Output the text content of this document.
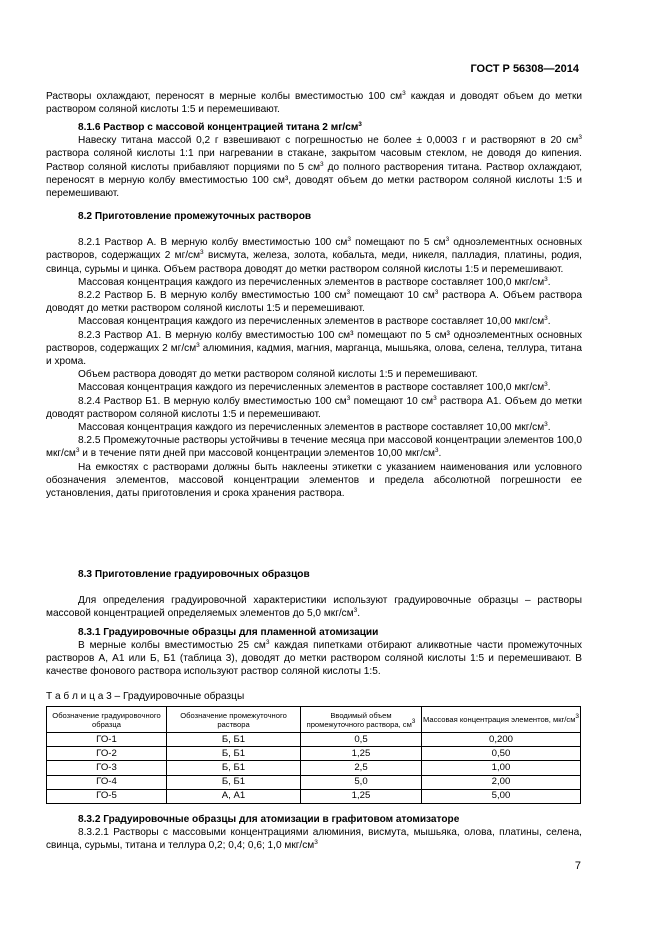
ГОСТ Р 56308—2014

Растворы охлаждают, переносят в мерные колбы вместимостью 100 $см^3$ каждая и доводят объем до метки раствором соляной кислоты 1:5 и перемешивают.

8.1.6 Раствор с массовой концентрацией титана 2 $мг/см^3$

Навеску титана массой 0,2 г взвешивают с погрешностью не более ± 0,0003 г и растворяют в 20 $см^3$ раствора соляной кислоты 1:1 при нагревании в стакане, закрытом часовым стеклом, не доводя до кипения. Раствор соляной кислоты прибавляют порциями по 5 $см^3$ до полного растворения титана. Раствор охлаждают, переносят в мерную колбу вместимостью 100 см³, доводят объем до метки раствором соляной кислоты 1:5 и перемешивают.

8.2 Приготовление промежуточных растворов

8.2.1 Раствор А. В мерную колбу вместимостью 100 $см^3$ помещают по 5 $см^3$ одноэлементных основных растворов, содержащих 2 $мг/см^3$ висмута, железа, золота, кобальта, меди, никеля, палладия, платины, родия, свинца, сурьмы и цинка. Объем раствора доводят до метки раствором соляной кислоты 1:5 и перемешивают.

Массовая концентрация каждого из перечисленных элементов в растворе составляет 100,0 мкг/$см^3$.

8.2.2 Раствор Б. В мерную колбу вместимостью 100 $см^3$ помещают 10 $см^3$ раствора А. Объем раствора доводят до метки раствором соляной кислоты 1:5 и перемешивают.

Массовая концентрация каждого из перечисленных элементов в растворе составляет 10,00 мкг/$см^3$.

8.2.3 Раствор А1. В мерную колбу вместимостью 100 см³ помещают по 5 см³ одноэлементных основных растворов, содержащих 2 $мг/см^3$ алюминия, кадмия, магния, марганца, мышьяка, олова, селена, теллура, титана и хрома.

Объем раствора доводят до метки раствором соляной кислоты 1:5 и перемешивают.

Массовая концентрация каждого из перечисленных элементов в растворе составляет 100,0 мкг/$см^3$.

8.2.4 Раствор Б1. В мерную колбу вместимостью 100 $см^3$ помещают 10 $см^3$ раствора А1. Объем до метки доводят раствором соляной кислоты 1:5 и перемешивают.

Массовая концентрация каждого из перечисленных элементов в растворе составляет 10,00 мкг/$см^3$.

8.2.5 Промежуточные растворы устойчивы в течение месяца при массовой концентрации элементов 100,0 мкг/$см^3$ и в течение пяти дней при массовой концентрации элементов 10,00 мкг/$см^3$.

На емкостях с растворами должны быть наклеены этикетки с указанием наименования или условного обозначения элементов, массовой концентрации элементов и предела абсолютной погрешности ее установления, даты приготовления и срока хранения раствора.

8.3 Приготовление градуировочных образцов

Для определения градуировочной характеристики используют градуировочные образцы – растворы массовой концентрацией определяемых элементов до 5,0 мкг/$см^3$.

8.3.1 Градуировочные образцы для пламенной атомизации

В мерные колбы вместимостью 25 $см^3$ каждая пипетками отбирают аликвотные части промежуточных растворов А, А1 или Б, Б1 (таблица 3), доводят до метки раствором соляной кислоты 1:5 и перемешивают. В качестве фонового раствора используют раствор соляной кислоты 1:5.

Т а б л и ц а 3 – Градуировочные образцы
Обозначение градуировочного образца	Обозначение промежуточного раствора	Вводимый объем промежуточного раствора, $см^3$	Массовая концентрация элементов, мкг/$см^3$
ГО-1	Б, Б1	0,5	0,200
ГО-2	Б, Б1	1,25	0,50
ГО-3	Б, Б1	2,5	1,00
ГО-4	Б, Б1	5,0	2,00
ГО-5	А, А1	1,25	5,00

8.3.2 Градуировочные образцы для атомизации в графитовом атомизаторе

8.3.2.1 Растворы с массовыми концентрациями алюминия, висмута, мышьяка, олова, платины, селена, свинца, сурьмы, титана и теллура 0,2; 0,4; 0,6; 1,0 мкг/$см^3$

7
